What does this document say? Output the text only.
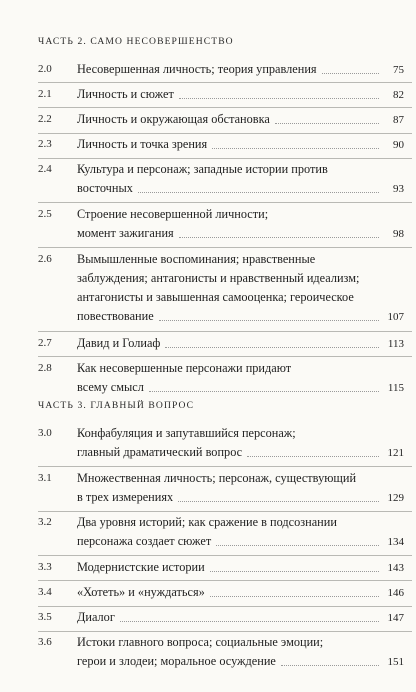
ЧАСТЬ 2. САМО НЕСОВЕРШЕНСТВО
2.0 Несовершенная личность; теория управления	75
2.1 Личность и сюжет	82
2.2 Личность и окружающая обстановка	87
2.3 Личность и точка зрения	90
2.4 Культура и персонаж; западные истории против
восточных	93
2.5 Строение несовершенной личности;
момент зажигания	98
2.6 Вымышленные воспоминания; нравственные
заблуждения; антагонисты и нравственный идеализм;
антагонисты и завышенная самооценка; героическое
повествование	107
2.7 Давид и Голиаф	113
2.8 Как несовершенные персонажи придают
всему смысл	115
ЧАСТЬ 3. ГЛАВНЫЙ ВОПРОС
3.0 Конфабуляция и запутавшийся персонаж;
главный драматический вопрос	121
3.1 Множественная личность; персонаж, существующий
в трех измерениях	129
3.2 Два уровня историй; как сражение в подсознании
персонажа создает сюжет	134
3.3 Модернистские истории	143
3.4 «Хотеть» и «нуждаться»	146
3.5 Диалог	147
3.6 Истоки главного вопроса; социальные эмоции;
герои и злодеи; моральное осуждение	151
